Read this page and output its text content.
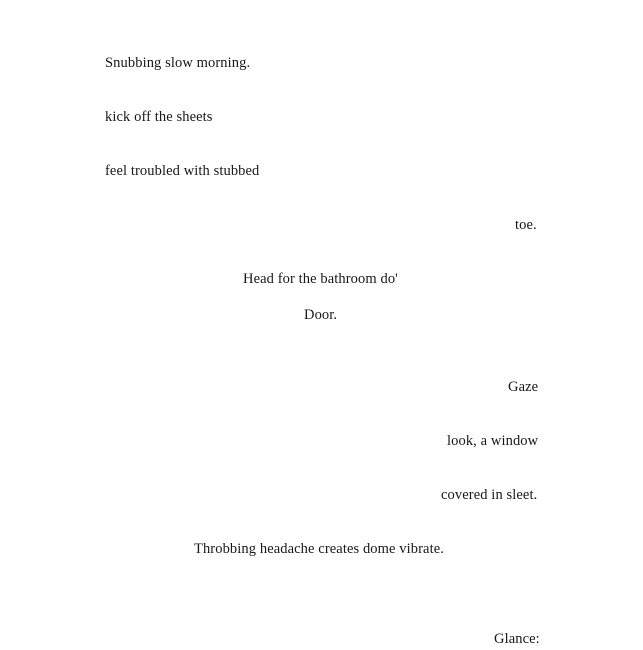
Snubbing slow morning.
kick off the sheets
feel troubled with stubbed
toe.
Head for the bathroom do'
Door.
Gaze
look, a window
covered in sleet.
Throbbing headache creates dome vibrate.
Glance:
